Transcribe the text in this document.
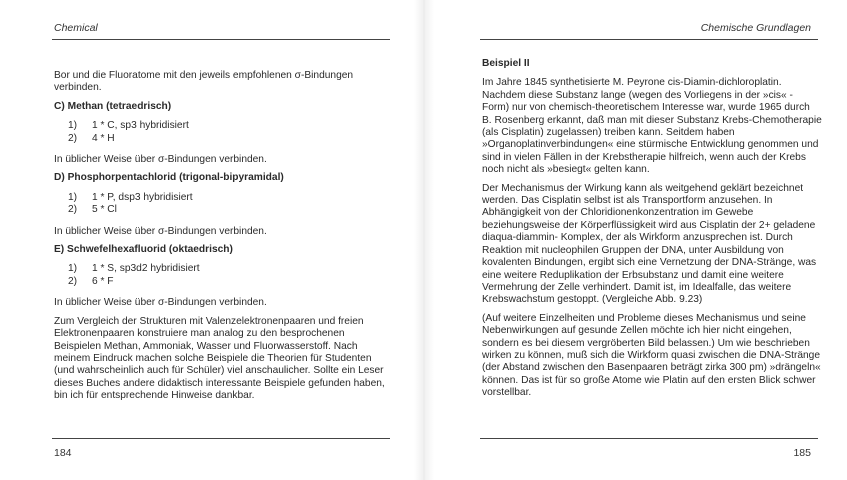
Chemical

Bor und die Fluoratome mit den jeweils empfohlenen σ-Bindungen verbinden.

C) Methan (tetraedrisch)
1)	1 * C, sp3 hybridisiert
2)	4 * H

In üblicher Weise über σ-Bindungen verbinden.

D) Phosphorpentachlorid (trigonal-bipyramidal)
1)	1 * P, dsp3 hybridisiert
2)	5 * Cl

In üblicher Weise über σ-Bindungen verbinden.

E) Schwefelhexafluorid (oktaedrisch)
1)	1 * S, sp3d2 hybridisiert
2)	6 * F

In üblicher Weise über σ-Bindungen verbinden.

Zum Vergleich der Strukturen mit Valenzelektronenpaaren und freien Elektronenpaaren konstruiere man analog zu den besprochenen Beispielen Methan, Ammoniak, Wasser und Fluorwasserstoff. Nach meinem Eindruck machen solche Beispiele die Theorien für Studenten (und wahrscheinlich auch für Schüler) viel anschaulicher. Sollte ein Leser dieses Buches andere didaktisch interessante Beispiele gefunden haben, bin ich für entsprechende Hinweise dankbar.

184
Chemische Grundlagen
Beispiel II

Im Jahre 1845 synthetisierte M. Peyrone cis-Diamin-dichloroplatin. Nachdem diese Substanz lange (wegen des Vorliegens in der »cis« - Form) nur von chemisch-theoretischem Interesse war, wurde 1965 durch B. Rosenberg erkannt, daß man mit dieser Substanz Krebs-Chemotherapie (als Cisplatin) zugelassen) treiben kann. Seitdem haben »Organoplatinverbindungen« eine stürmische Entwicklung genommen und sind in vielen Fällen in der Krebstherapie hilfreich, wenn auch der Krebs noch nicht als »besiegt« gelten kann.

Der Mechanismus der Wirkung kann als weitgehend geklärt bezeichnet werden. Das Cisplatin selbst ist als Transportform anzusehen. In Abhängigkeit von der Chloridionenkonzentration im Gewebe beziehungsweise der Körperflüssigkeit wird aus Cisplatin der 2+ geladene diaqua-diammin- Komplex, der als Wirkform anzusprechen ist. Durch Reaktion mit nucleophilen Gruppen der DNA, unter Ausbildung von kovalenten Bindungen, ergibt sich eine Vernetzung der DNA-Stränge, was eine weitere Reduplikation der Erbsubstanz und damit eine weitere Vermehrung der Zelle verhindert. Damit ist, im Idealfalle, das weitere Krebswachstum gestoppt. (Vergleiche Abb. 9.23)

(Auf weitere Einzelheiten und Probleme dieses Mechanismus und seine Nebenwirkungen auf gesunde Zellen möchte ich hier nicht eingehen, sondern es bei diesem vergröberten Bild belassen.) Um wie beschrieben wirken zu können, muß sich die Wirkform quasi zwischen die DNA-Stränge (der Abstand zwischen den Basenpaaren beträgt zirka 300 pm) »drängeln« können. Das ist für so große Atome wie Platin auf den ersten Blick schwer vorstellbar.

185
